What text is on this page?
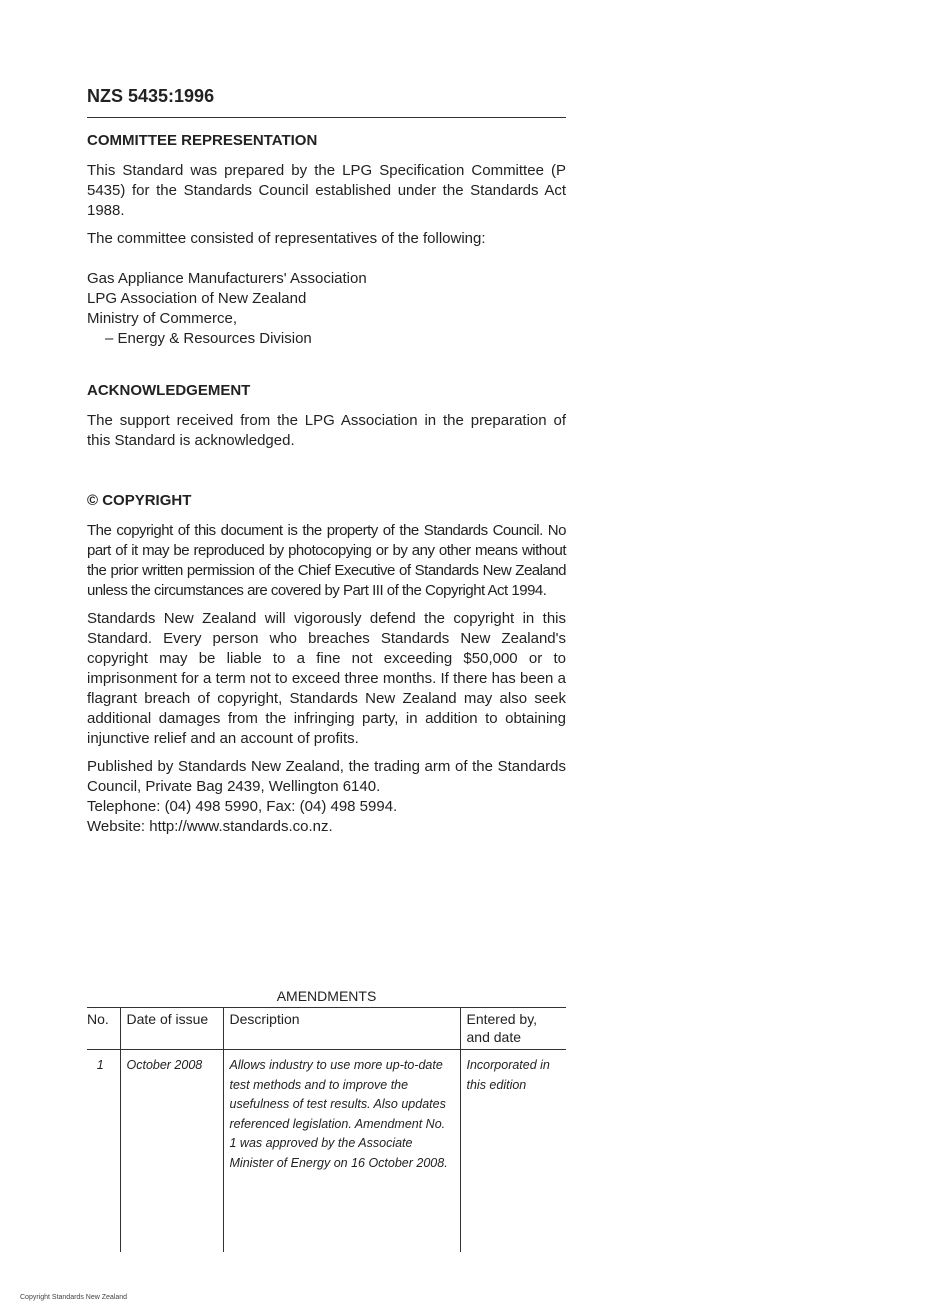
NZS 5435:1996
COMMITTEE REPRESENTATION

This Standard was prepared by the LPG Specification Committee (P 5435) for the Standards Council established under the Standards Act 1988.

The committee consisted of representatives of the following:

Gas Appliance Manufacturers' Association
LPG Association of New Zealand
Ministry of Commerce,
– Energy & Resources Division
ACKNOWLEDGEMENT

The support received from the LPG Association in the preparation of this Standard is acknowledged.

© COPYRIGHT

The copyright of this document is the property of the Standards Council. No part of it may be reproduced by photocopying or by any other means without the prior written permission of the Chief Executive of Standards New Zealand unless the circumstances are covered by Part III of the Copyright Act 1994.

Standards New Zealand will vigorously defend the copyright in this Standard. Every person who breaches Standards New Zealand's copyright may be liable to a fine not exceeding $50,000 or to imprisonment for a term not to exceed three months. If there has been a flagrant breach of copyright, Standards New Zealand may also seek additional damages from the infringing party, in addition to obtaining injunctive relief and an account of profits.

Published by Standards New Zealand, the trading arm of the Standards Council, Private Bag 2439, Wellington 6140.
Telephone: (04) 498 5990, Fax: (04) 498 5994.
Website: http://www.standards.co.nz.
AMENDMENTS
No.	Date of issue	Description	Entered by, and date
1	October 2008	Allows industry to use more up-to-date test methods and to improve the usefulness of test results. Also updates referenced legislation. Amendment No. 1 was approved by the Associate Minister of Energy on 16 October 2008.	Incorporated in this edition
Copyright Standards New Zealand
